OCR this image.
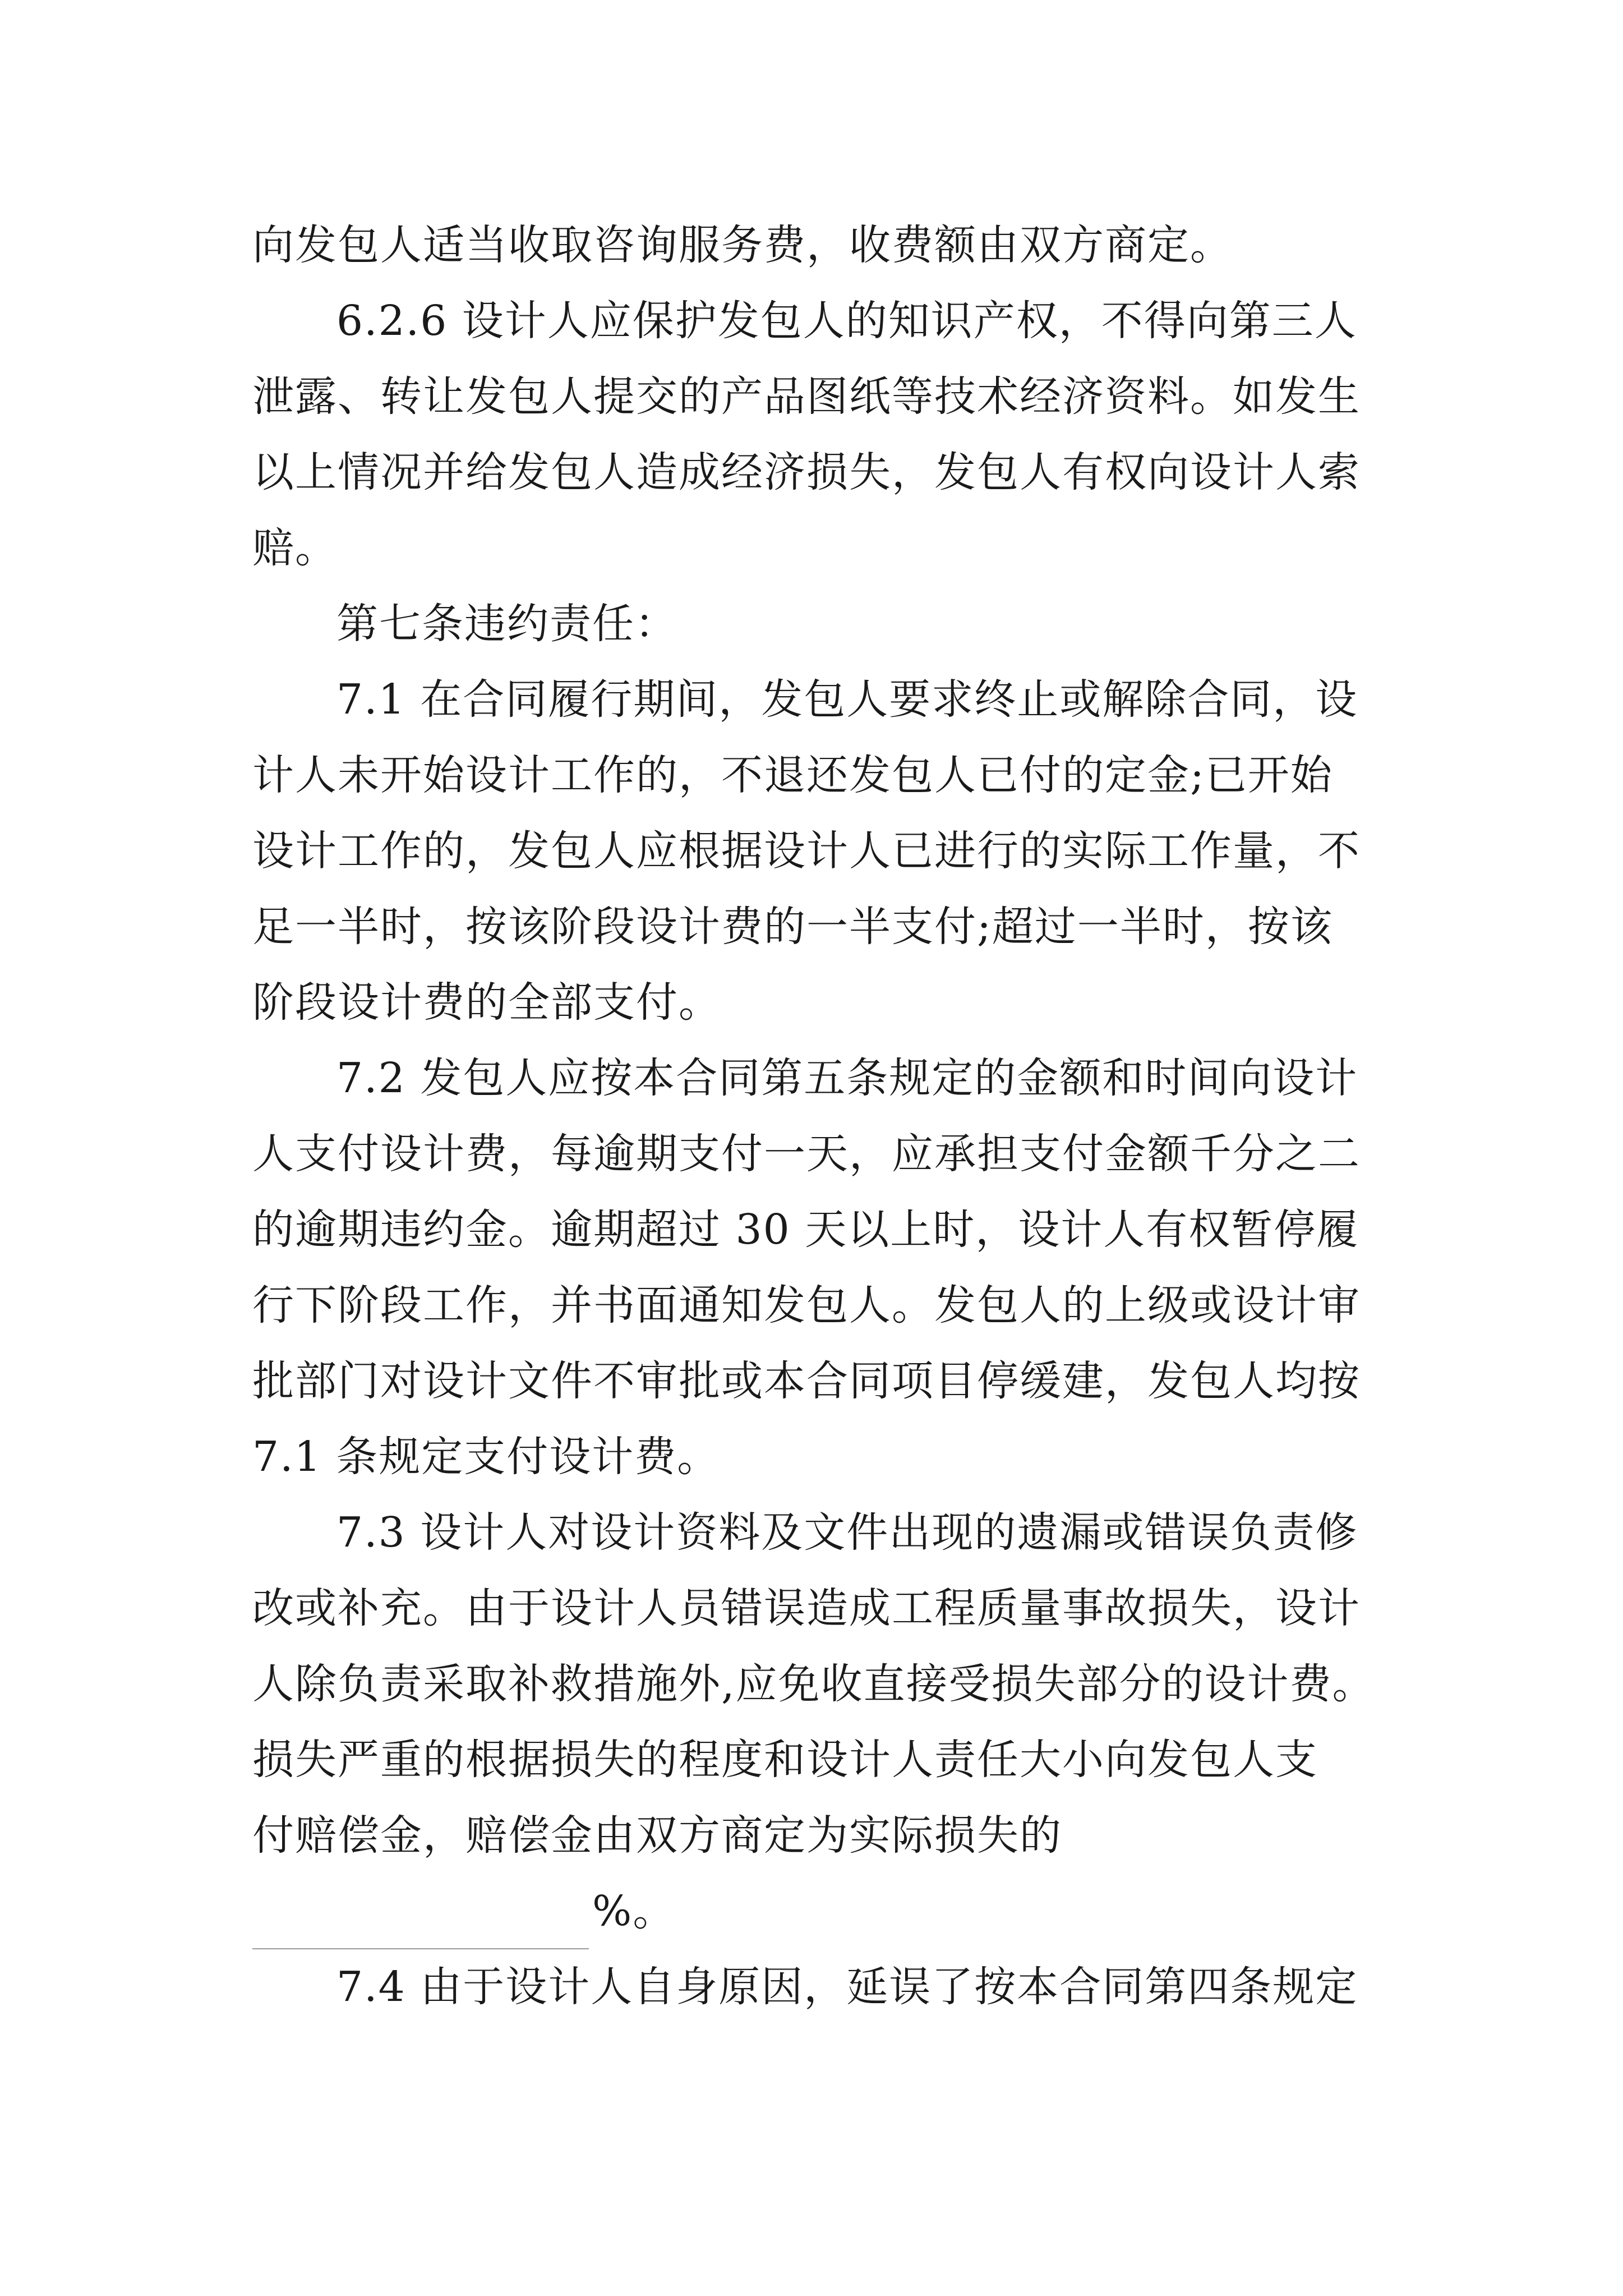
向发包人适当收取咨询服务费，收费额由双方商定。
6.2.6 设计人应保护发包人的知识产权，不得向第三人
泄露、转让发包人提交的产品图纸等技术经济资料。如发生
以上情况并给发包人造成经济损失，发包人有权向设计人索
赔。
第七条违约责任：
7.1 在合同履行期间，发包人要求终止或解除合同，设
计人未开始设计工作的，不退还发包人已付的定金;已开始
设计工作的，发包人应根据设计人已进行的实际工作量，不
足一半时，按该阶段设计费的一半支付;超过一半时，按该
阶段设计费的全部支付。
7.2 发包人应按本合同第五条规定的金额和时间向设计
人支付设计费，每逾期支付一天，应承担支付金额千分之二
的逾期违约金。逾期超过 30 天以上时，设计人有权暂停履
行下阶段工作，并书面通知发包人。发包人的上级或设计审
批部门对设计文件不审批或本合同项目停缓建，发包人均按
7.1 条规定支付设计费。
7.3 设计人对设计资料及文件出现的遗漏或错误负责修
改或补充。由于设计人员错误造成工程质量事故损失，设计
人除负责采取补救措施外,应免收直接受损失部分的设计费。
损失严重的根据损失的程度和设计人责任大小向发包人支
付赔偿金，赔偿金由双方商定为实际损失的
%。
7.4 由于设计人自身原因，延误了按本合同第四条规定
